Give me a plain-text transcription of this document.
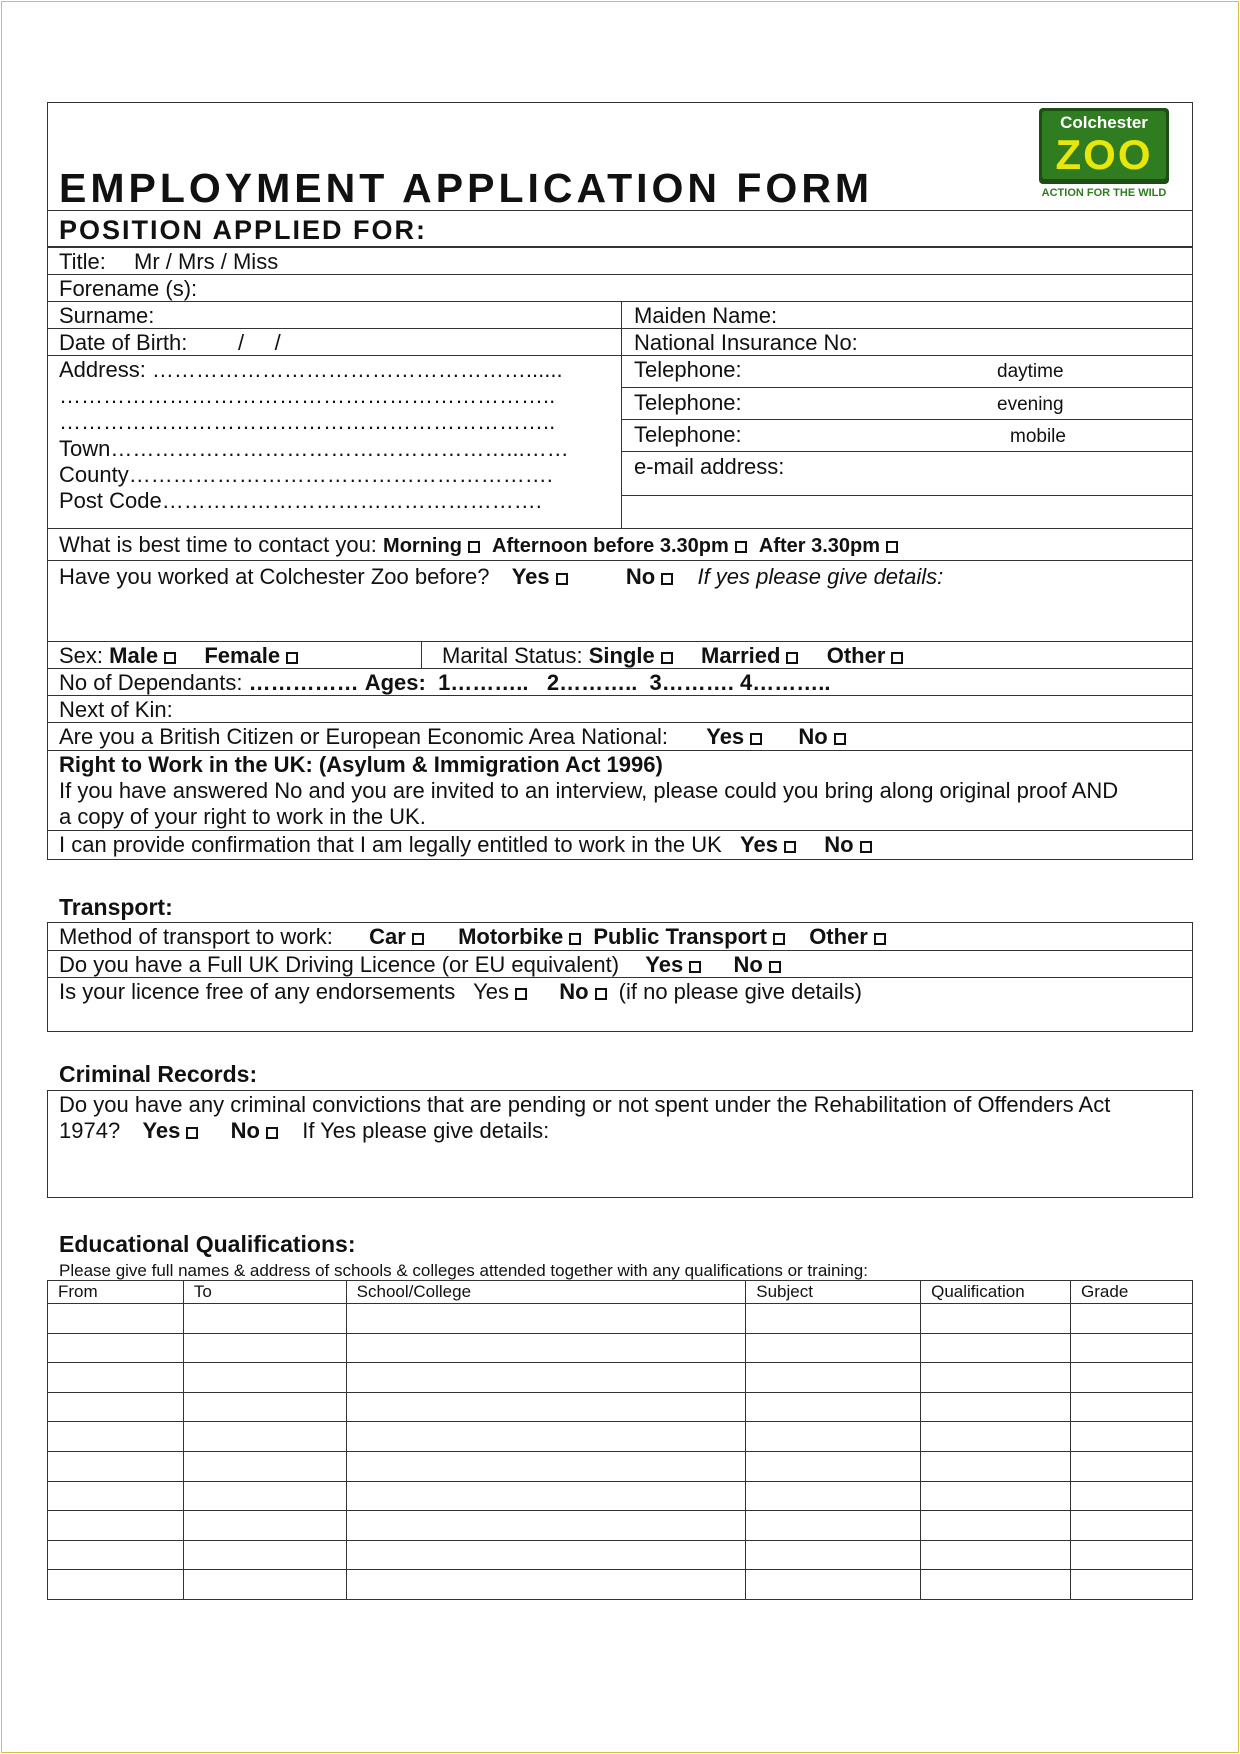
EMPLOYMENT APPLICATION FORM
POSITION APPLIED FOR:
Colchester
ZOO
ACTION FOR THE WILD
Title: Mr / Mrs / Miss
Forename (s):
Surname:	Maiden Name:
Date of Birth: /     /	National Insurance No:
Address: ……………………………………………......
…………………………………………………………..
…………………………………………………………..
Town………………………………………………...……
County………………………………………………….
Post Code…………………………………………….
Telephone:	daytime
Telephone:	evening
Telephone:	mobile
e-mail address:
What is best time to contact you: Morning Afternoon before 3.30pm After 3.30pm
Have you worked at Colchester Zoo before? Yes	No If yes please give details:
Sex: Male Female	Marital Status: Single Married Other
No of Dependants: …………… Ages:  1………..   2………..  3………. 4………..
Next of Kin:
Are you a British Citizen or European Economic Area National: Yes No
Right to Work in the UK: (Asylum & Immigration Act 1996)
If you have answered No and you are invited to an interview, please could you bring along original proof AND
a copy of your right to work in the UK.
I can provide confirmation that I am legally entitled to work in the UK Yes No
Transport:
Method of transport to work: Car Motorbike Public Transport Other
Do you have a Full UK Driving Licence (or EU equivalent) Yes No
Is your licence free of any endorsements Yes No (if no please give details)
Criminal Records:
Do you have any criminal convictions that are pending or not spent under the Rehabilitation of Offenders Act
1974? Yes No If Yes please give details:
Educational Qualifications:
Please give full names & address of schools & colleges attended together with any qualifications or training:
From	To	School/College	Subject	Qualification	Grade
